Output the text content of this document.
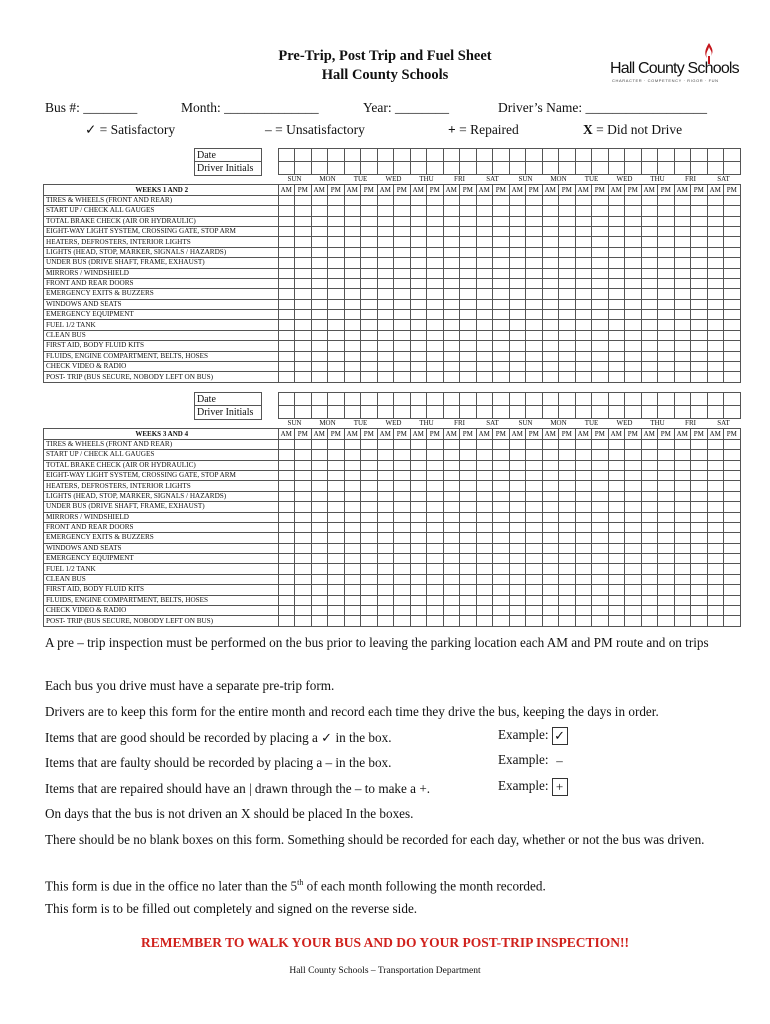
Pre-Trip, Post Trip and Fuel Sheet
Hall County Schools	Hall County Schools
CHARACTER · COMPETENCY · RIGOR · FUN
Bus #: ________	Month: ______________	Year: ________	Driver’s Name: __________________
✓ = Satisfactory	– = Unsatisfactory	+ = Repaired	X = Did not Drive
Date
Driver Initials

		SUN		MON		TUE		WED		THU		FRI		SAT		SUN		MON		TUE		WED		THU		FRI		SAT	
WEEKS 1 AND 2		AM	PM	AM	PM	AM	PM	AM	PM	AM	PM	AM	PM	AM	PM	AM	PM	AM	PM	AM	PM	AM	PM	AM	PM	AM	PM	AM	PM
TIRES & WHEELS (FRONT AND REAR)																													
START UP / CHECK ALL GAUGES																													
TOTAL BRAKE CHECK (AIR OR HYDRAULIC)																													
EIGHT-WAY LIGHT SYSTEM, CROSSING GATE, STOP ARM																													
HEATERS, DEFROSTERS, INTERIOR LIGHTS																													
LIGHTS (HEAD, STOP, MARKER, SIGNALS / HAZARDS)																													
UNDER BUS (DRIVE SHAFT, FRAME, EXHAUST)																													
MIRRORS / WINDSHIELD																													
FRONT AND REAR DOORS																													
EMERGENCY EXITS & BUZZERS																													
WINDOWS AND SEATS																													
EMERGENCY EQUIPMENT																													
FUEL 1/2 TANK																													
CLEAN BUS																													
FIRST AID, BODY FLUID KITS																													
FLUIDS, ENGINE COMPARTMENT, BELTS, HOSES																													
CHECK VIDEO & RADIO																													
POST- TRIP (BUS SECURE, NOBODY LEFT ON BUS)																													
Date
Driver Initials

		SUN		MON		TUE		WED		THU		FRI		SAT		SUN		MON		TUE		WED		THU		FRI		SAT	
WEEKS 3 AND 4		AM	PM	AM	PM	AM	PM	AM	PM	AM	PM	AM	PM	AM	PM	AM	PM	AM	PM	AM	PM	AM	PM	AM	PM	AM	PM	AM	PM
TIRES & WHEELS (FRONT AND REAR)																													
START UP / CHECK ALL GAUGES																													
TOTAL BRAKE CHECK (AIR OR HYDRAULIC)																													
EIGHT-WAY LIGHT SYSTEM, CROSSING GATE, STOP ARM																													
HEATERS, DEFROSTERS, INTERIOR LIGHTS																													
LIGHTS (HEAD, STOP, MARKER, SIGNALS / HAZARDS)																													
UNDER BUS (DRIVE SHAFT, FRAME, EXHAUST)																													
MIRRORS / WINDSHIELD																													
FRONT AND REAR DOORS																													
EMERGENCY EXITS & BUZZERS																													
WINDOWS AND SEATS																													
EMERGENCY EQUIPMENT																													
FUEL 1/2 TANK																													
CLEAN BUS																													
FIRST AID, BODY FLUID KITS																													
FLUIDS, ENGINE COMPARTMENT, BELTS, HOSES																													
CHECK VIDEO & RADIO																													
POST- TRIP (BUS SECURE, NOBODY LEFT ON BUS)																													
A pre – trip inspection must be performed on the bus prior to leaving the parking location each AM and PM route and on trips
Each bus you drive must have a separate pre-trip form.
Drivers are to keep this form for the entire month and record each time they drive the bus, keeping the days in order.
Items that are good should be recorded by placing a ✓ in the box.
Items that are faulty should be recorded by placing a – in the box.
Items that are repaired should have an | drawn through the – to make a +.
Example: ✓
Example: –
Example: +
On days that the bus is not driven an X should be placed In the boxes.
There should be no blank boxes on this form. Something should be recorded for each day, whether or not the bus was driven.
This form is due in the office no later than the 5th of each month following the month recorded.
This form is to be filled out completely and signed on the reverse side.
REMEMBER TO WALK YOUR BUS AND DO YOUR POST-TRIP INSPECTION!!
Hall County Schools – Transportation Department
